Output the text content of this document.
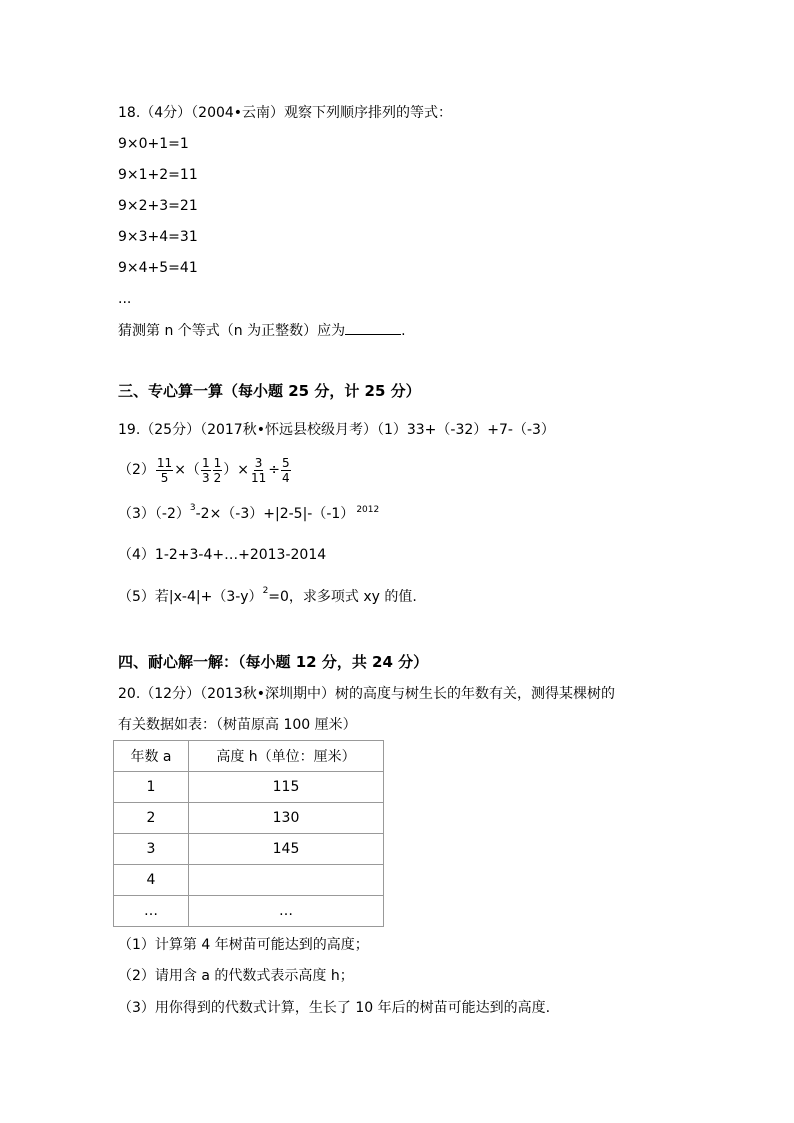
18.（4分）（2004•云南）观察下列顺序排列的等式：
9×0+1=1
9×1+2=11
9×2+3=21
9×3+4=31
9×4+5=41
...
猜测第 n 个等式（n 为正整数）应为	.
三、专心算一算（每小题 25 分，计 25 分）
19.（25分）（2017秋•怀远县校级月考）（1）33+（-32）+7-（-3）
$(2) \frac{11}{5}$ ×（ $\frac{1}{3} \frac{1}{2}$ ）× $\frac{3}{11} \div \frac{5}{4}$
$(3)(-2)^3-2\times(-3)+|2-5|-(-1)$ $^{2012}$
（4）1-2+3-4+…+2013-2014
（5）若$|x-4|+(3-y)^2=0$，求多项式 xy 的值.
四、耐心解一解：（每小题 12 分，共 24 分）
20.（12分）（2013秋•深圳期中）树的高度与树生长的年数有关，测得某棵树的
有关数据如表：（树苗原高 100 厘米）
年数 a	高度 h（单位：厘米）
1	115
2	130
3	145
4	
…	…
（1）计算第 4 年树苗可能达到的高度；
（2）请用含 a 的代数式表示高度 h；
（3）用你得到的代数式计算，生长了 10 年后的树苗可能达到的高度.
